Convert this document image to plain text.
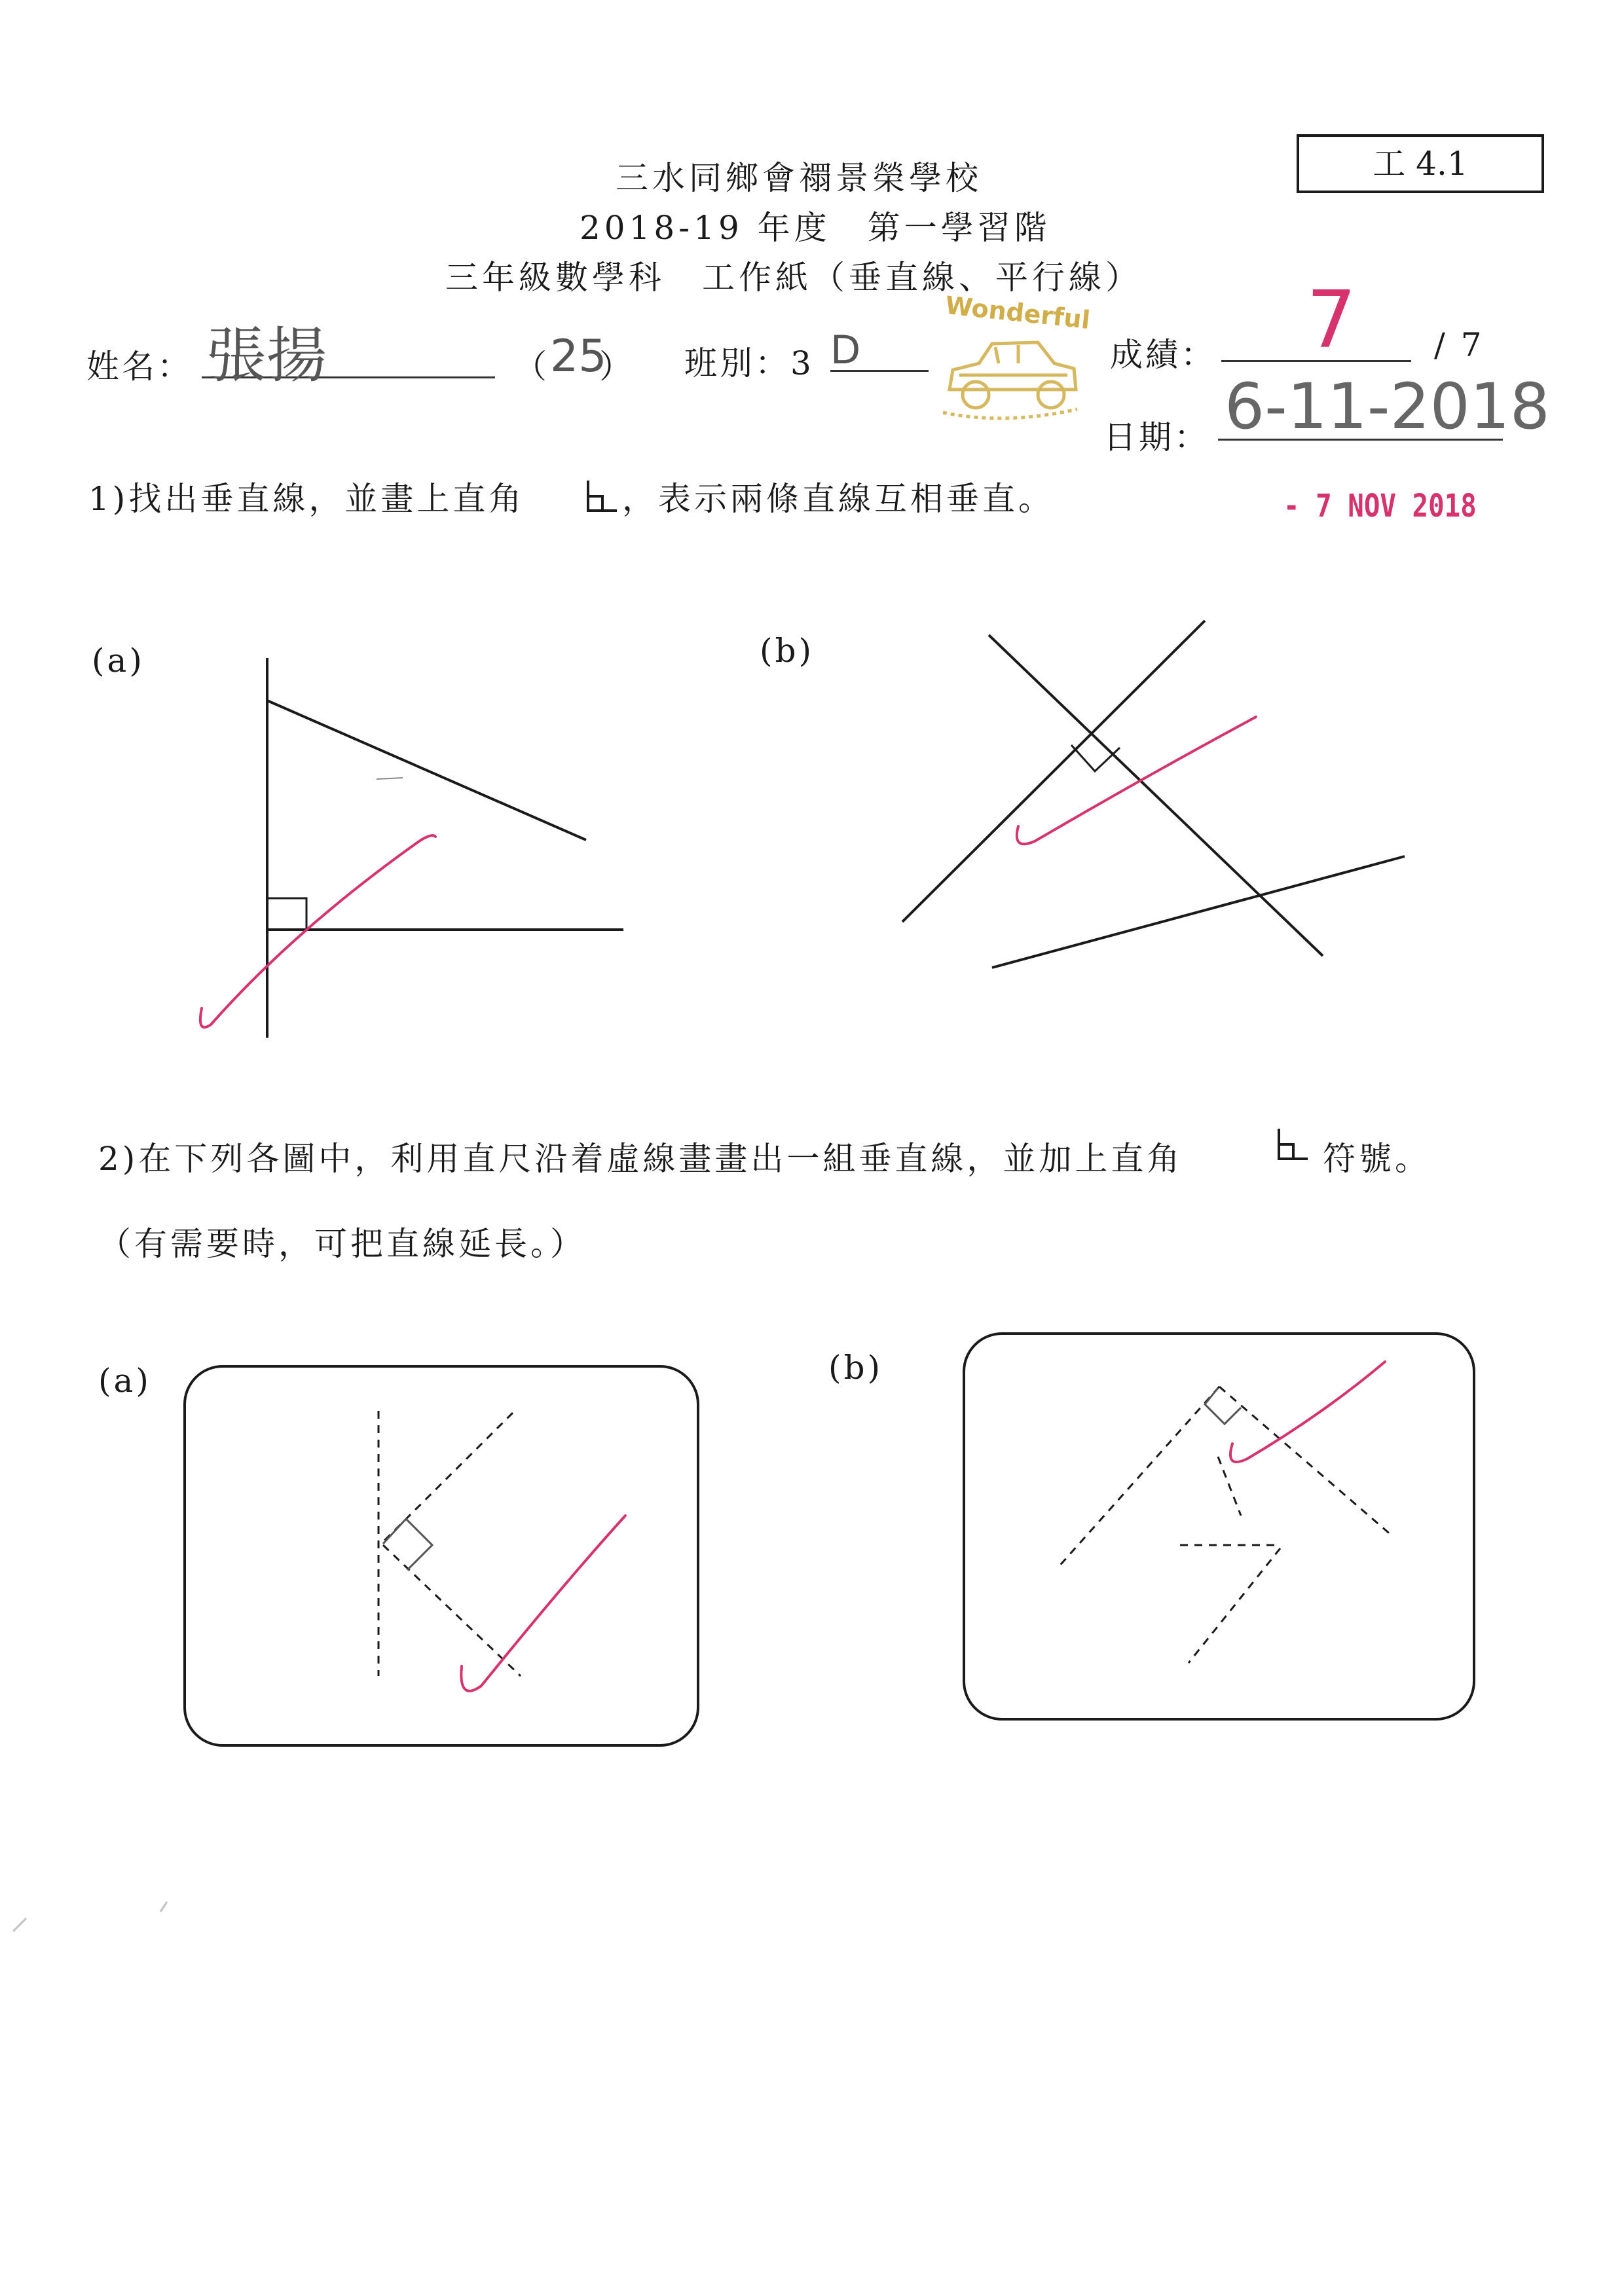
三水同鄉會禤景榮學校
2018-19 年度　第一學習階
三年級數學科　工作紙（垂直線、平行線）
工 4.1
姓名： 張揚	（ 25
） 班別：3 D
Wonderful
成績： 7 / 7
日期： 6-11-2018
- 7 NOV 2018
1)找出垂直線，並畫上直角	，表示兩條直線互相垂直。
(a)	(b)
2)在下列各圖中，利用直尺沿着虛線畫畫出一組垂直線，並加上直角	符號。
（有需要時，可把直線延長。）
(a)	(b)
